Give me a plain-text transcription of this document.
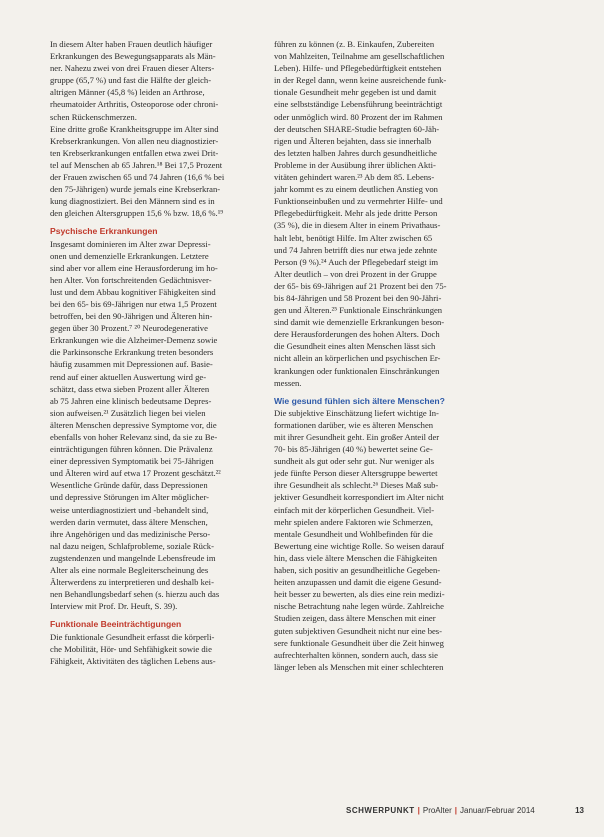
In diesem Alter haben Frauen deutlich häufiger
Erkrankungen des Bewegungsapparats als Män-
ner. Nahezu zwei von drei Frauen dieser Alters-
gruppe (65,7 %) und fast die Hälfte der gleich-
altrigen Männer (45,8 %) leiden an Arthrose,
rheumatoider Arthritis, Osteoporose oder chroni-
schen Rückenschmerzen.
Eine dritte große Krankheitsgruppe im Alter sind
Krebserkrankungen. Von allen neu diagnostizier-
ten Krebserkrankungen entfallen etwa zwei Drit-
tel auf Menschen ab 65 Jahren.¹⁸ Bei 17,5 Prozent
der Frauen zwischen 65 und 74 Jahren (16,6 % bei
den 75-Jährigen) wurde jemals eine Krebserkran-
kung diagnostiziert. Bei den Männern sind es in
den gleichen Altersgruppen 15,6 % bzw. 18,6 %.¹⁹
Psychische Erkrankungen
Insgesamt dominieren im Alter zwar Depressi-
onen und demenzielle Erkrankungen. Letztere
sind aber vor allem eine Herausforderung im ho-
hen Alter. Von fortschreitenden Gedächtnisver-
lust und dem Abbau kognitiver Fähigkeiten sind
bei den 65- bis 69-Jährigen nur etwa 1,5 Prozent
betroffen, bei den 90-Jährigen und Älteren hin-
gegen über 30 Prozent.⁷ ²⁰ Neurodegenerative
Erkrankungen wie die Alzheimer-Demenz sowie
die Parkinsonsche Erkrankung treten besonders
häufig zusammen mit Depressionen auf. Basie-
rend auf einer aktuellen Auswertung wird ge-
schätzt, dass etwa sieben Prozent aller Älteren
ab 75 Jahren eine klinisch bedeutsame Depres-
sion aufweisen.²¹ Zusätzlich liegen bei vielen
älteren Menschen depressive Symptome vor, die
ebenfalls von hoher Relevanz sind, da sie zu Be-
einträchtigungen führen können. Die Prävalenz
einer depressiven Symptomatik bei 75-Jährigen
und Älteren wird auf etwa 17 Prozent geschätzt.²²
Wesentliche Gründe dafür, dass Depressionen
und depressive Störungen im Alter möglicher-
weise unterdiagnostiziert und -behandelt sind,
werden darin vermutet, dass ältere Menschen,
ihre Angehörigen und das medizinische Perso-
nal dazu neigen, Schlafprobleme, soziale Rück-
zugstendenzen und mangelnde Lebensfreude im
Alter als eine normale Begleiterscheinung des
Älterwerdens zu interpretieren und deshalb kei-
nen Behandlungsbedarf sehen (s. hierzu auch das
Interview mit Prof. Dr. Heuft, S. 39).
Funktionale Beeinträchtigungen
Die funktionale Gesundheit erfasst die körperli-
che Mobilität, Hör- und Sehfähigkeit sowie die
Fähigkeit, Aktivitäten des täglichen Lebens aus-
führen zu können (z. B. Einkaufen, Zubereiten
von Mahlzeiten, Teilnahme am gesellschaftlichen
Leben). Hilfe- und Pflegebedürftigkeit entstehen
in der Regel dann, wenn keine ausreichende funk-
tionale Gesundheit mehr gegeben ist und damit
eine selbstständige Lebensführung beeinträchtigt
oder unmöglich wird. 80 Prozent der im Rahmen
der deutschen SHARE-Studie befragten 60-Jäh-
rigen und Älteren bejahten, dass sie innerhalb
des letzten halben Jahres durch gesundheitliche
Probleme in der Ausübung ihrer üblichen Akti-
vitäten gehindert waren.²³ Ab dem 85. Lebens-
jahr kommt es zu einem deutlichen Anstieg von
Funktionseinbußen und zu vermehrter Hilfe- und
Pflegebedürftigkeit. Mehr als jede dritte Person
(35 %), die in diesem Alter in einem Privathaus-
halt lebt, benötigt Hilfe. Im Alter zwischen 65
und 74 Jahren betrifft dies nur etwa jede zehnte
Person (9 %).²⁴ Auch der Pflegebedarf steigt im
Alter deutlich – von drei Prozent in der Gruppe
der 65- bis 69-Jährigen auf 21 Prozent bei den 75-
bis 84-Jährigen und 58 Prozent bei den 90-Jähri-
gen und Älteren.²⁵ Funktionale Einschränkungen
sind damit wie demenzielle Erkrankungen beson-
dere Herausforderungen des hohen Alters. Doch
die Gesundheit eines alten Menschen lässt sich
nicht allein an körperlichen und psychischen Er-
krankungen oder funktionalen Einschränkungen
messen.
Wie gesund fühlen sich ältere Menschen?
Die subjektive Einschätzung liefert wichtige In-
formationen darüber, wie es älteren Menschen
mit ihrer Gesundheit geht. Ein großer Anteil der
70- bis 85-Jährigen (40 %) bewertet seine Ge-
sundheit als gut oder sehr gut. Nur weniger als
jede fünfte Person dieser Altersgruppe bewertet
ihre Gesundheit als schlecht.²⁶ Dieses Maß sub-
jektiver Gesundheit korrespondiert im Alter nicht
einfach mit der körperlichen Gesundheit. Viel-
mehr spielen andere Faktoren wie Schmerzen,
mentale Gesundheit und Wohlbefinden für die
Bewertung eine wichtige Rolle. So weisen darauf
hin, dass viele ältere Menschen die Fähigkeiten
haben, sich positiv an gesundheitliche Gegeben-
heiten anzupassen und damit die eigene Gesund-
heit besser zu bewerten, als dies eine rein medizi-
nische Betrachtung nahe legen würde. Zahlreiche
Studien zeigen, dass ältere Menschen mit einer
guten subjektiven Gesundheit nicht nur eine bes-
sere funktionale Gesundheit über die Zeit hinweg
aufrechterhalten können, sondern auch, dass sie
länger leben als Menschen mit einer schlechteren
SCHWERPUNKT | ProAlter | Januar/Februar 2014	13
